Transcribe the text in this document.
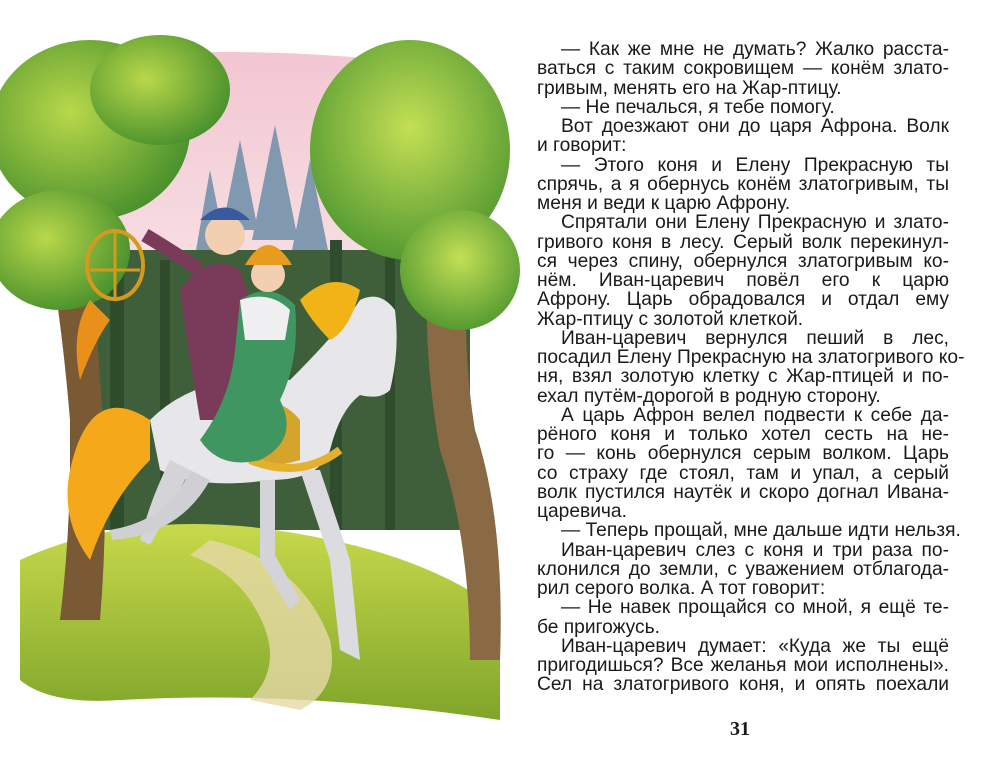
— Как же мне не думать? Жалко расста-
ваться с таким сокровищем — конём злато-
гривым, менять его на Жар-птицу.
— Не печалься, я тебе помогу.
Вот доезжают они до царя Афрона. Волк
и говорит:
— Этого коня и Елену Прекрасную ты
спрячь, а я обернусь конём златогривым, ты
меня и веди к царю Афрону.
Спрятали они Елену Прекрасную и злато-
гривого коня в лесу. Серый волк перекинул-
ся через спину, обернулся златогривым ко-
нём. Иван-царевич повёл его к царю
Афрону. Царь обрадовался и отдал ему
Жар-птицу с золотой клеткой.
Иван-царевич вернулся пеший в лес,
посадил Елену Прекрасную на златогривого ко-
ня, взял золотую клетку с Жар-птицей и по-
ехал путём-дорогой в родную сторону.
А царь Афрон велел подвести к себе да-
рёного коня и только хотел сесть на не-
го — конь обернулся серым волком. Царь
со страху где стоял, там и упал, а серый
волк пустился наутёк и скоро догнал Ивана-
царевича.
— Теперь прощай, мне дальше идти нельзя.
Иван-царевич слез с коня и три раза по-
клонился до земли, с уважением отблагода-
рил серого волка. А тот говорит:
— Не навек прощайся со мной, я ещё те-
бе пригожусь.
Иван-царевич думает: «Куда же ты ещё
пригодишься? Все желанья мои исполнены».
Сел на златогривого коня, и опять поехали
31
